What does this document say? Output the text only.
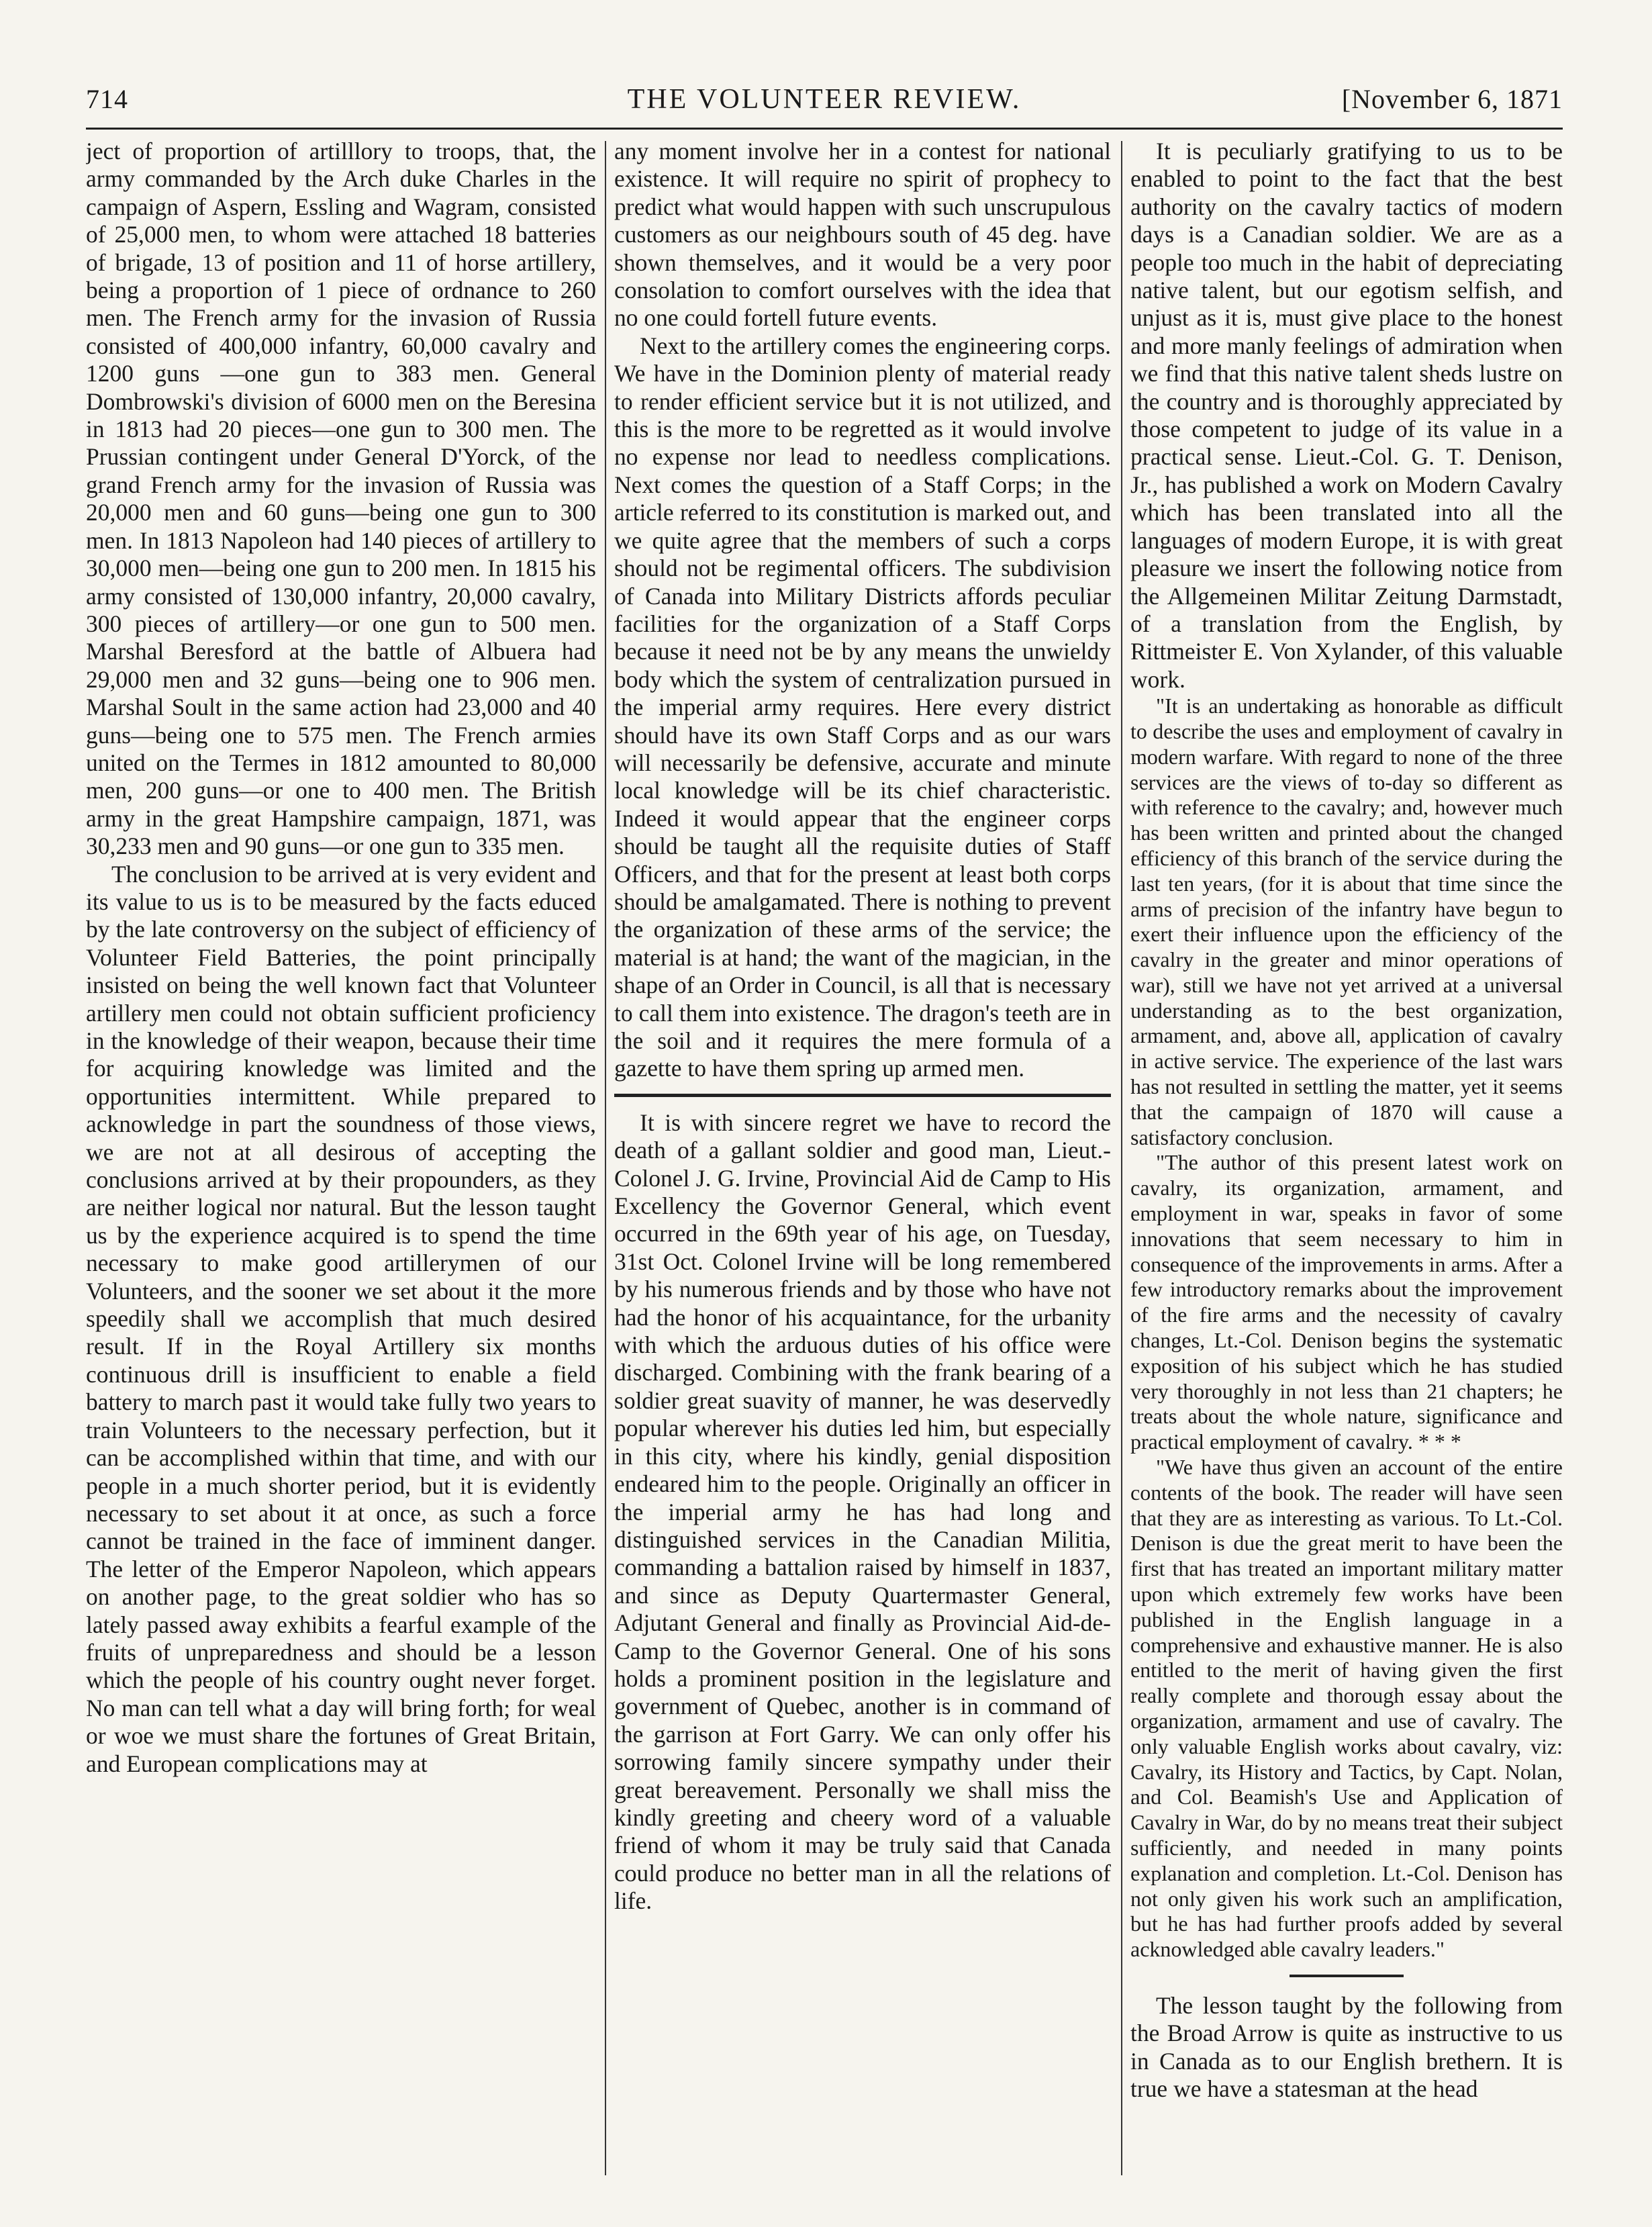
714	THE VOLUNTEER REVIEW.	[November 6, 1871

ject of proportion of artilllory to troops, that, the army commanded by the Arch duke Charles in the campaign of Aspern, Essling and Wagram, consisted of 25,000 men, to whom were attached 18 batteries of brigade, 13 of position and 11 of horse artillery, being a proportion of 1 piece of ordnance to 260 men. The French army for the invasion of Russia consisted of 400,000 infantry, 60,000 cavalry and 1200 guns —one gun to 383 men. General Dombrowski's division of 6000 men on the Beresina in 1813 had 20 pieces—one gun to 300 men. The Prussian contingent under General D'Yorck, of the grand French army for the invasion of Russia was 20,000 men and 60 guns—being one gun to 300 men. In 1813 Napoleon had 140 pieces of artillery to 30,000 men—being one gun to 200 men. In 1815 his army consisted of 130,000 infantry, 20,000 cavalry, 300 pieces of artillery—or one gun to 500 men. Marshal Beresford at the battle of Albuera had 29,000 men and 32 guns—being one to 906 men. Marshal Soult in the same action had 23,000 and 40 guns—being one to 575 men. The French armies united on the Termes in 1812 amounted to 80,000 men, 200 guns—or one to 400 men. The British army in the great Hampshire campaign, 1871, was 30,233 men and 90 guns—or one gun to 335 men.

The conclusion to be arrived at is very evident and its value to us is to be measured by the facts educed by the late controversy on the subject of efficiency of Volunteer Field Batteries, the point principally insisted on being the well known fact that Volunteer artillery men could not obtain sufficient proficiency in the knowledge of their weapon, because their time for acquiring knowledge was limited and the opportunities intermittent. While prepared to acknowledge in part the soundness of those views, we are not at all desirous of accepting the conclusions arrived at by their propounders, as they are neither logical nor natural. But the lesson taught us by the experience acquired is to spend the time necessary to make good artillerymen of our Volunteers, and the sooner we set about it the more speedily shall we accomplish that much desired result. If in the Royal Artillery six months continuous drill is insufficient to enable a field battery to march past it would take fully two years to train Volunteers to the necessary perfection, but it can be accomplished within that time, and with our people in a much shorter period, but it is evidently necessary to set about it at once, as such a force cannot be trained in the face of imminent danger. The letter of the Emperor Napoleon, which appears on another page, to the great soldier who has so lately passed away exhibits a fearful example of the fruits of unpreparedness and should be a lesson which the people of his country ought never forget. No man can tell what a day will bring forth; for weal or woe we must share the fortunes of Great Britain, and European complications may at

any moment involve her in a contest for national existence. It will require no spirit of prophecy to predict what would happen with such unscrupulous customers as our neighbours south of 45 deg. have shown themselves, and it would be a very poor consolation to comfort ourselves with the idea that no one could fortell future events.

Next to the artillery comes the engineering corps. We have in the Dominion plenty of material ready to render efficient service but it is not utilized, and this is the more to be regretted as it would involve no expense nor lead to needless complications. Next comes the question of a Staff Corps; in the article referred to its constitution is marked out, and we quite agree that the members of such a corps should not be regimental officers. The subdivision of Canada into Military Districts affords peculiar facilities for the organization of a Staff Corps because it need not be by any means the unwieldy body which the system of centralization pursued in the imperial army requires. Here every district should have its own Staff Corps and as our wars will necessarily be defensive, accurate and minute local knowledge will be its chief characteristic. Indeed it would appear that the engineer corps should be taught all the requisite duties of Staff Officers, and that for the present at least both corps should be amalgamated. There is nothing to prevent the organization of these arms of the service; the material is at hand; the want of the magician, in the shape of an Order in Council, is all that is necessary to call them into existence. The dragon's teeth are in the soil and it requires the mere formula of a gazette to have them spring up armed men.

It is with sincere regret we have to record the death of a gallant soldier and good man, Lieut.-Colonel J. G. Irvine, Provincial Aid de Camp to His Excellency the Governor General, which event occurred in the 69th year of his age, on Tuesday, 31st Oct. Colonel Irvine will be long remembered by his numerous friends and by those who have not had the honor of his acquaintance, for the urbanity with which the arduous duties of his office were discharged. Combining with the frank bearing of a soldier great suavity of manner, he was deservedly popular wherever his duties led him, but especially in this city, where his kindly, genial disposition endeared him to the people. Originally an officer in the imperial army he has had long and distinguished services in the Canadian Militia, commanding a battalion raised by himself in 1837, and since as Deputy Quartermaster General, Adjutant General and finally as Provincial Aid-de-Camp to the Governor General. One of his sons holds a prominent position in the legislature and government of Quebec, another is in command of the garrison at Fort Garry. We can only offer his sorrowing family sincere sympathy under their great bereavement. Personally we shall miss the kindly greeting and cheery word of a valuable friend of whom it may be truly said that Canada could produce no better man in all the relations of life.

It is peculiarly gratifying to us to be enabled to point to the fact that the best authority on the cavalry tactics of modern days is a Canadian soldier. We are as a people too much in the habit of depreciating native talent, but our egotism selfish, and unjust as it is, must give place to the honest and more manly feelings of admiration when we find that this native talent sheds lustre on the country and is thoroughly appreciated by those competent to judge of its value in a practical sense. Lieut.-Col. G. T. Denison, Jr., has published a work on Modern Cavalry which has been translated into all the languages of modern Europe, it is with great pleasure we insert the following notice from the Allgemeinen Militar Zeitung Darmstadt, of a translation from the English, by Rittmeister E. Von Xylander, of this valuable work.

"It is an undertaking as honorable as difficult to describe the uses and employment of cavalry in modern warfare. With regard to none of the three services are the views of to-day so different as with reference to the cavalry; and, however much has been written and printed about the changed efficiency of this branch of the service during the last ten years, (for it is about that time since the arms of precision of the infantry have begun to exert their influence upon the efficiency of the cavalry in the greater and minor operations of war), still we have not yet arrived at a universal understanding as to the best organization, armament, and, above all, application of cavalry in active service. The experience of the last wars has not resulted in settling the matter, yet it seems that the campaign of 1870 will cause a satisfactory conclusion.

"The author of this present latest work on cavalry, its organization, armament, and employment in war, speaks in favor of some innovations that seem necessary to him in consequence of the improvements in arms. After a few introductory remarks about the improvement of the fire arms and the necessity of cavalry changes, Lt.-Col. Denison begins the systematic exposition of his subject which he has studied very thoroughly in not less than 21 chapters; he treats about the whole nature, significance and practical employment of cavalry. * * *

"We have thus given an account of the entire contents of the book. The reader will have seen that they are as interesting as various. To Lt.-Col. Denison is due the great merit to have been the first that has treated an important military matter upon which extremely few works have been published in the English language in a comprehensive and exhaustive manner. He is also entitled to the merit of having given the first really complete and thorough essay about the organization, armament and use of cavalry. The only valuable English works about cavalry, viz: Cavalry, its History and Tactics, by Capt. Nolan, and Col. Beamish's Use and Application of Cavalry in War, do by no means treat their subject sufficiently, and needed in many points explanation and completion. Lt.-Col. Denison has not only given his work such an amplification, but he has had further proofs added by several acknowledged able cavalry leaders."

The lesson taught by the following from the Broad Arrow is quite as instructive to us in Canada as to our English brethern. It is true we have a statesman at the head
